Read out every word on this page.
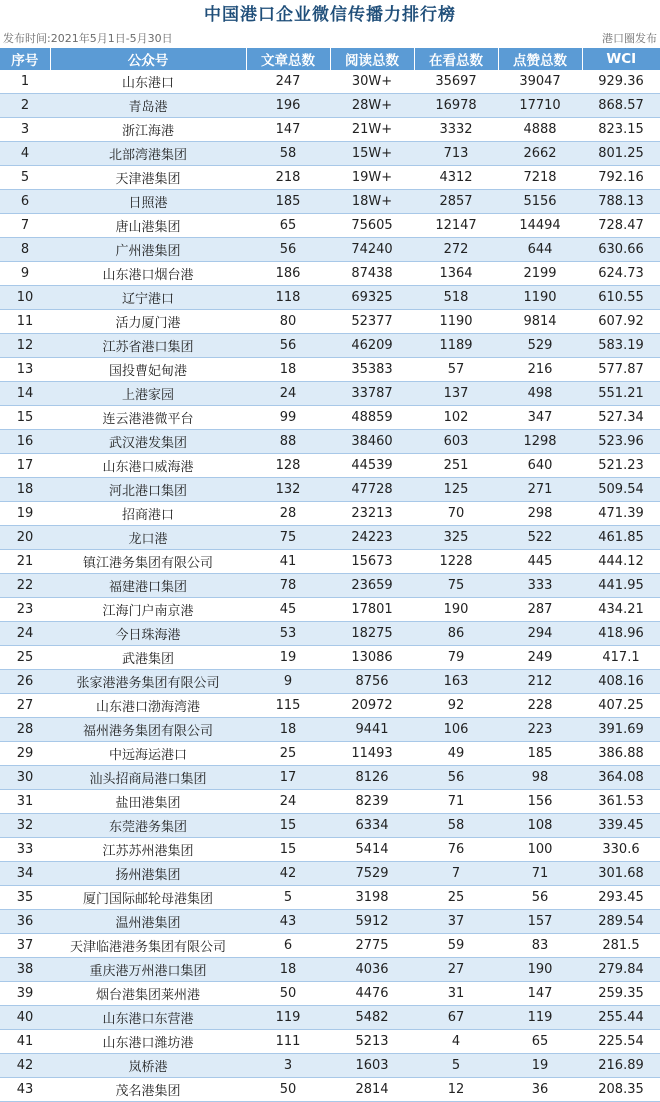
中国港口企业微信传播力排行榜
发布时间:2021年5月1日-5月30日	港口圈发布
序号	公众号	文章总数	阅读总数	在看总数	点赞总数	WCI
1	山东港口	247	30W+	35697	39047	929.36
2	青岛港	196	28W+	16978	17710	868.57
3	浙江海港	147	21W+	3332	4888	823.15
4	北部湾港集团	58	15W+	713	2662	801.25
5	天津港集团	218	19W+	4312	7218	792.16
6	日照港	185	18W+	2857	5156	788.13
7	唐山港集团	65	75605	12147	14494	728.47
8	广州港集团	56	74240	272	644	630.66
9	山东港口烟台港	186	87438	1364	2199	624.73
10	辽宁港口	118	69325	518	1190	610.55
11	活力厦门港	80	52377	1190	9814	607.92
12	江苏省港口集团	56	46209	1189	529	583.19
13	国投曹妃甸港	18	35383	57	216	577.87
14	上港家园	24	33787	137	498	551.21
15	连云港港微平台	99	48859	102	347	527.34
16	武汉港发集团	88	38460	603	1298	523.96
17	山东港口威海港	128	44539	251	640	521.23
18	河北港口集团	132	47728	125	271	509.54
19	招商港口	28	23213	70	298	471.39
20	龙口港	75	24223	325	522	461.85
21	镇江港务集团有限公司	41	15673	1228	445	444.12
22	福建港口集团	78	23659	75	333	441.95
23	江海门户南京港	45	17801	190	287	434.21
24	今日珠海港	53	18275	86	294	418.96
25	武港集团	19	13086	79	249	417.1
26	张家港港务集团有限公司	9	8756	163	212	408.16
27	山东港口渤海湾港	115	20972	92	228	407.25
28	福州港务集团有限公司	18	9441	106	223	391.69
29	中远海运港口	25	11493	49	185	386.88
30	汕头招商局港口集团	17	8126	56	98	364.08
31	盐田港集团	24	8239	71	156	361.53
32	东莞港务集团	15	6334	58	108	339.45
33	江苏苏州港集团	15	5414	76	100	330.6
34	扬州港集团	42	7529	7	71	301.68
35	厦门国际邮轮母港集团	5	3198	25	56	293.45
36	温州港集团	43	5912	37	157	289.54
37	天津临港港务集团有限公司	6	2775	59	83	281.5
38	重庆港万州港口集团	18	4036	27	190	279.84
39	烟台港集团莱州港	50	4476	31	147	259.35
40	山东港口东营港	119	5482	67	119	255.44
41	山东港口潍坊港	111	5213	4	65	225.54
42	岚桥港	3	1603	5	19	216.89
43	茂名港集团	50	2814	12	36	208.35
